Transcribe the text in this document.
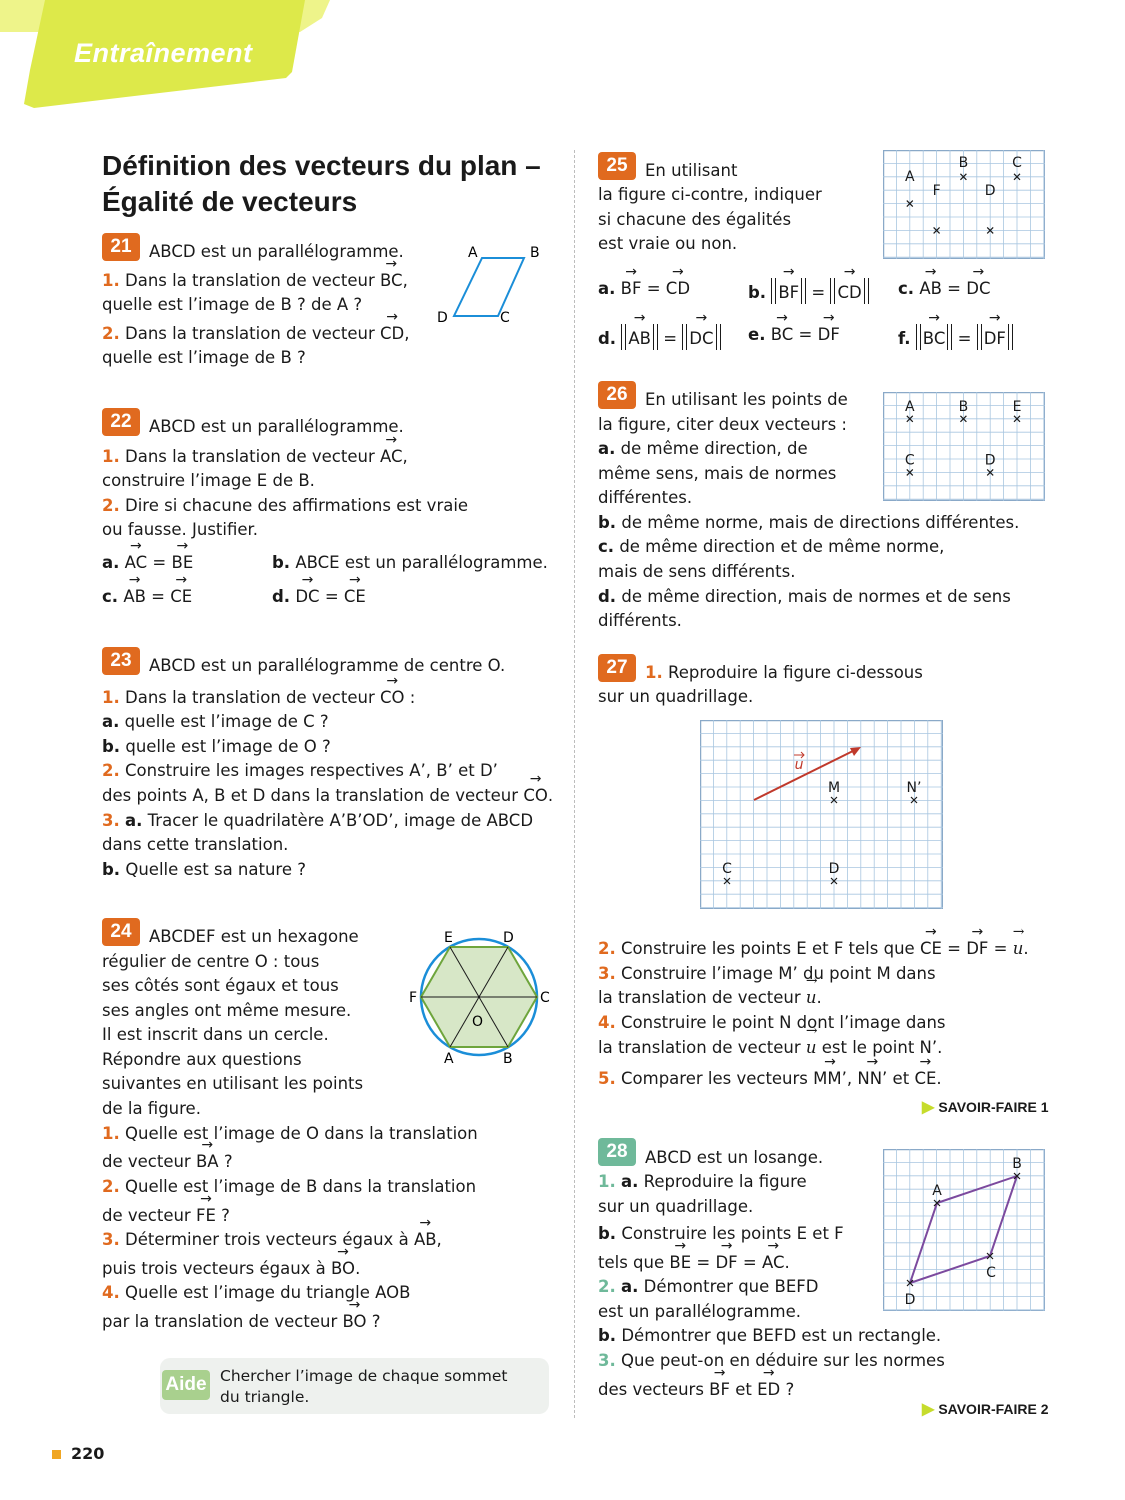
Entraînement
Définition des vecteurs du plan –
Égalité de vecteurs
21	ABCD est un parallélogramme.
1. Dans la translation de vecteur → BC,
quelle est l’image de B ? de A ?
2. Dans la translation de vecteur → CD,
quelle est l’image de B ?
A	B
C
D
22	ABCD est un parallélogramme.
1. Dans la translation de vecteur → AC,
construire l’image E de B.
2. Dire si chacune des affirmations est vraie
ou fausse. Justifier.
a. → AC = → BE	b. ABCE est un parallélogramme.
c. → AB = → CE	d. → DC = → CE
23	ABCD est un parallélogramme de centre O.
1. Dans la translation de vecteur → CO :
a. quelle est l’image de C ?
b. quelle est l’image de O ?
2. Construire les images respectives A’, B’ et D’
des points A, B et D dans la translation de vecteur → CO.
3. a. Tracer le quadrilatère A’B’OD’, image de ABCD
dans cette translation.
b. Quelle est sa nature ?
24	ABCDEF est un hexagone
régulier de centre O : tous
ses côtés sont égaux et tous
ses angles ont même mesure.
Il est inscrit dans un cercle.
Répondre aux questions
suivantes en utilisant les points
de la figure.
1. Quelle est l’image de O dans la translation
de vecteur → BA ?
2. Quelle est l’image de B dans la translation
de vecteur → FE ?
3. Déterminer trois vecteurs égaux à → AB,
puis trois vecteurs égaux à → BO.
4. Quelle est l’image du triangle AOB
par la translation de vecteur → BO ?
E	D
C
F
A	B
O
Aide Chercher l’image de chaque sommet
du triangle.
25	En utilisant
la figure ci-contre, indiquer
si chacune des égalités
est vraie ou non.
A
B	C
F	D
a. → BF = → CD	b. → BF = → CD	c. → AB = → DC
d. → AB = → DC	e. → BC = → DF	f. → BC = → DF
26	En utilisant les points de
la figure, citer deux vecteurs :
a. de même direction, de
même sens, mais de normes
différentes.
b. de même norme, mais de directions différentes.
c. de même direction et de même norme,
mais de sens différents.
d. de même direction, mais de normes et de sens
différents.
A	B	E
C	D
27	1. Reproduire la figure ci-dessous
sur un quadrillage.
u
M	N’
C	D
2. Construire les points E et F tels que → CE = → DF = → u.
3. Construire l’image M’ du point M dans
la translation de vecteur → u.
4. Construire le point N dont l’image dans
la translation de vecteur → u est le point N’.
5. Comparer les vecteurs → MM’, → NN’ et → CE.
▶ SAVOIR-FAIRE 1
28	ABCD est un losange.
1. a. Reproduire la figure
sur un quadrillage.
b. Construire les points E et F
tels que → BE = → DF = → AC.
2. a. Démontrer que BEFD
est un parallélogramme.
b. Démontrer que BEFD est un rectangle.
3. Que peut-on en déduire sur les normes
des vecteurs → BF et → ED ?
A
B
C
D
▶ SAVOIR-FAIRE 2
220
